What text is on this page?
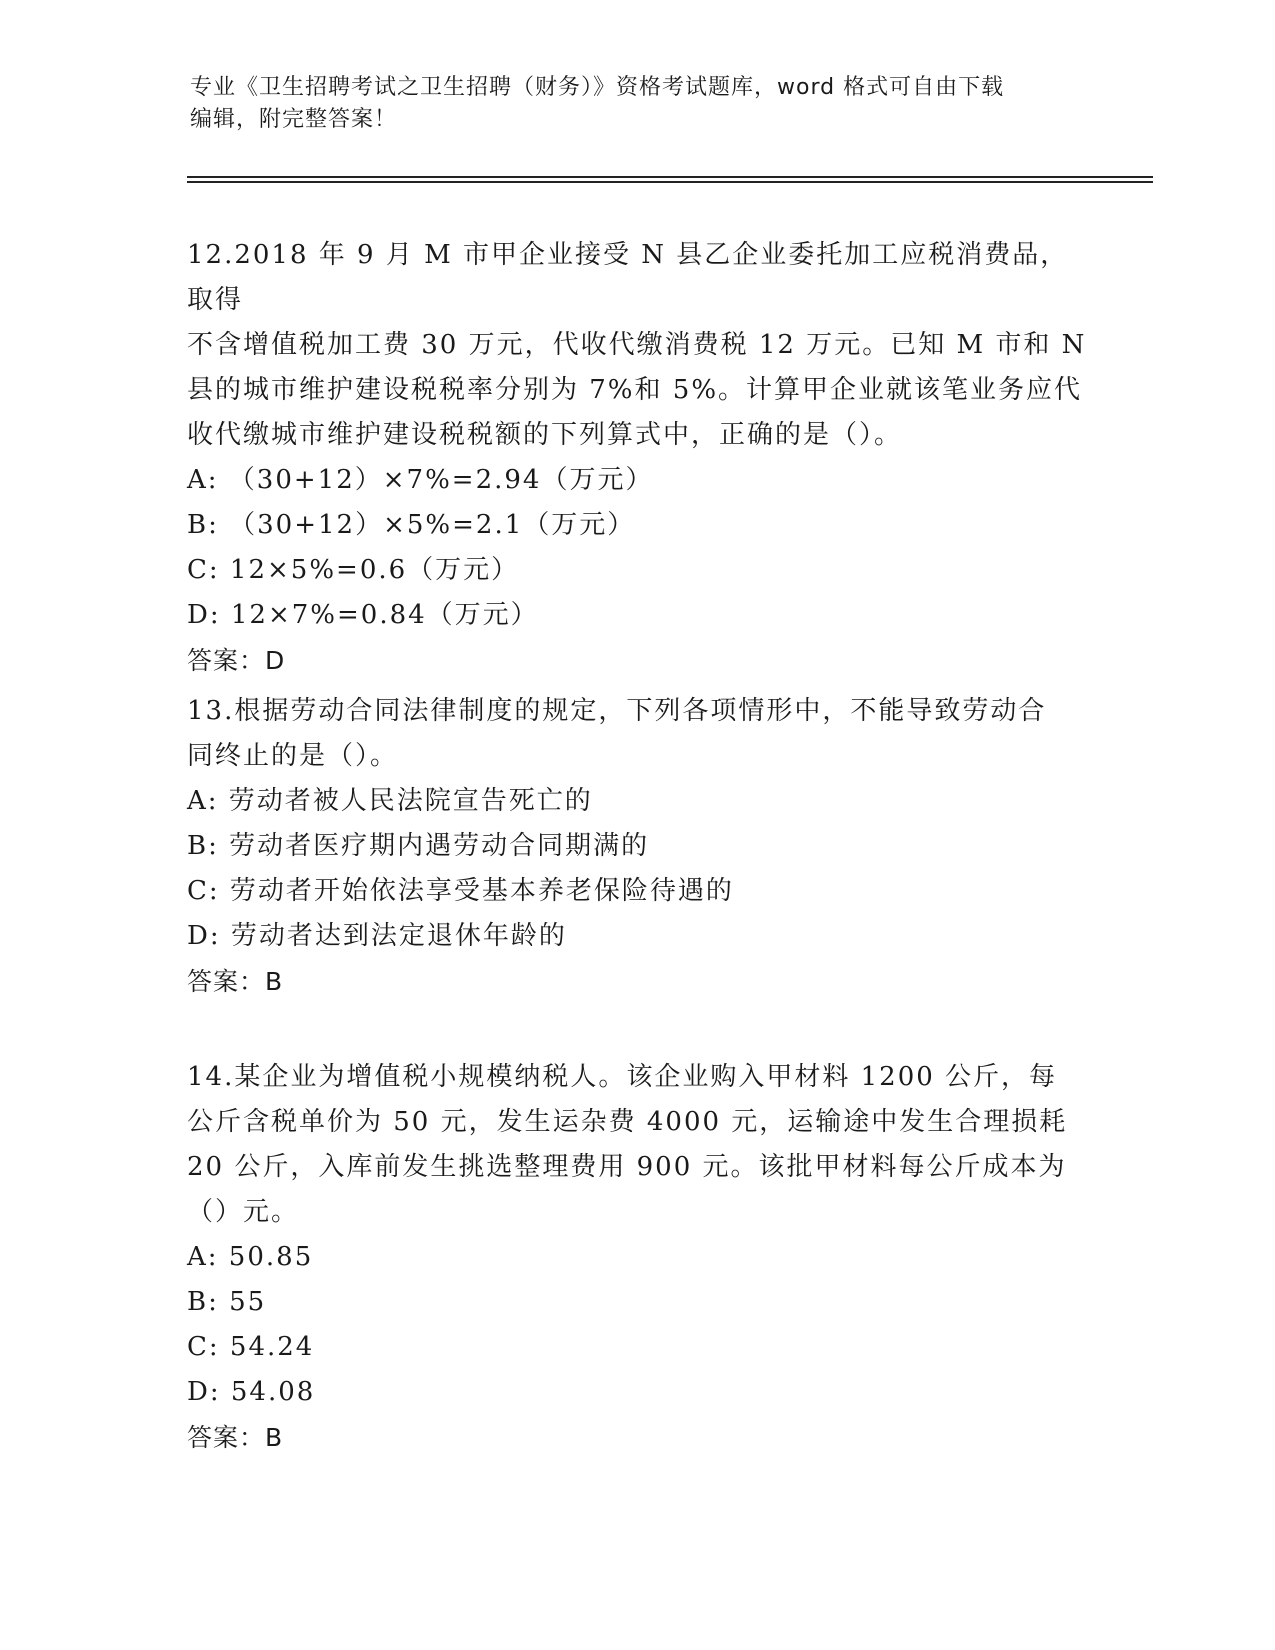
专业《卫生招聘考试之卫生招聘（财务）》资格考试题库，word 格式可自由下载
编辑，附完整答案！

12.2018 年 9 月 M 市甲企业接受 N 县乙企业委托加工应税消费品，取得

不含增值税加工费 30 万元，代收代缴消费税 12 万元。已知 M 市和 N

县的城市维护建设税税率分别为 7%和 5%。计算甲企业就该笔业务应代

收代缴城市维护建设税税额的下列算式中，正确的是（）。

A: （30+12）×7%=2.94（万元）

B: （30+12）×5%=2.1（万元）

C: 12×5%=0.6（万元）

D: 12×7%=0.84（万元）

答案：D

13.根据劳动合同法律制度的规定，下列各项情形中，不能导致劳动合

同终止的是（）。

A: 劳动者被人民法院宣告死亡的

B: 劳动者医疗期内遇劳动合同期满的

C: 劳动者开始依法享受基本养老保险待遇的

D: 劳动者达到法定退休年龄的

答案：B

14.某企业为增值税小规模纳税人。该企业购入甲材料 1200 公斤，每

公斤含税单价为 50 元，发生运杂费 4000 元，运输途中发生合理损耗

20 公斤，入库前发生挑选整理费用 900 元。该批甲材料每公斤成本为

（）元。

A: 50.85

B: 55

C: 54.24

D: 54.08

答案：B
